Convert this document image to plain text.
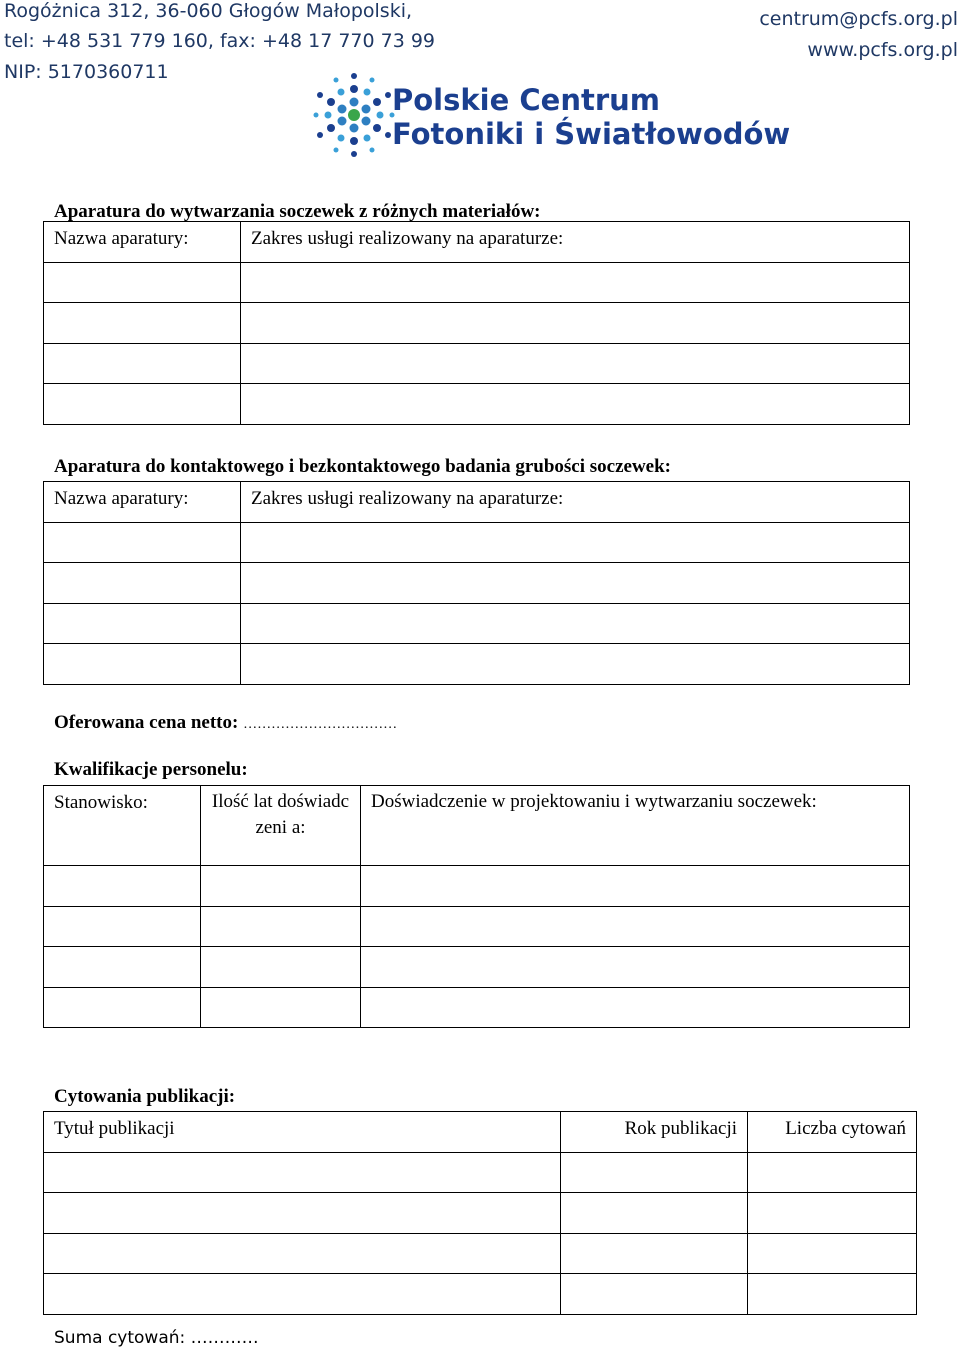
Rogóżnica 312, 36-060 Głogów Małopolski,
tel: +48 531 779 160, fax: +48 17 770 73 99
NIP: 5170360711
centrum@pcfs.org.pl
www.pcfs.org.pl
Polskie Centrum
Fotoniki i Światłowodów
Aparatura do wytwarzania soczewek z różnych materiałów:
Nazwa aparatury:	Zakres usługi realizowany na aparaturze:

Aparatura do kontaktowego i bezkontaktowego badania grubości soczewek:
Nazwa aparatury:	Zakres usługi realizowany na aparaturze:

Oferowana cena netto: ……………………………
Kwalifikacje personelu:
Stanowisko:	Ilość lat doświadczeni a:	Doświadczenie w projektowaniu i wytwarzaniu soczewek:

Cytowania publikacji:
Tytuł publikacji	Rok publikacji	Liczba cytowań

Suma cytowań: …………
